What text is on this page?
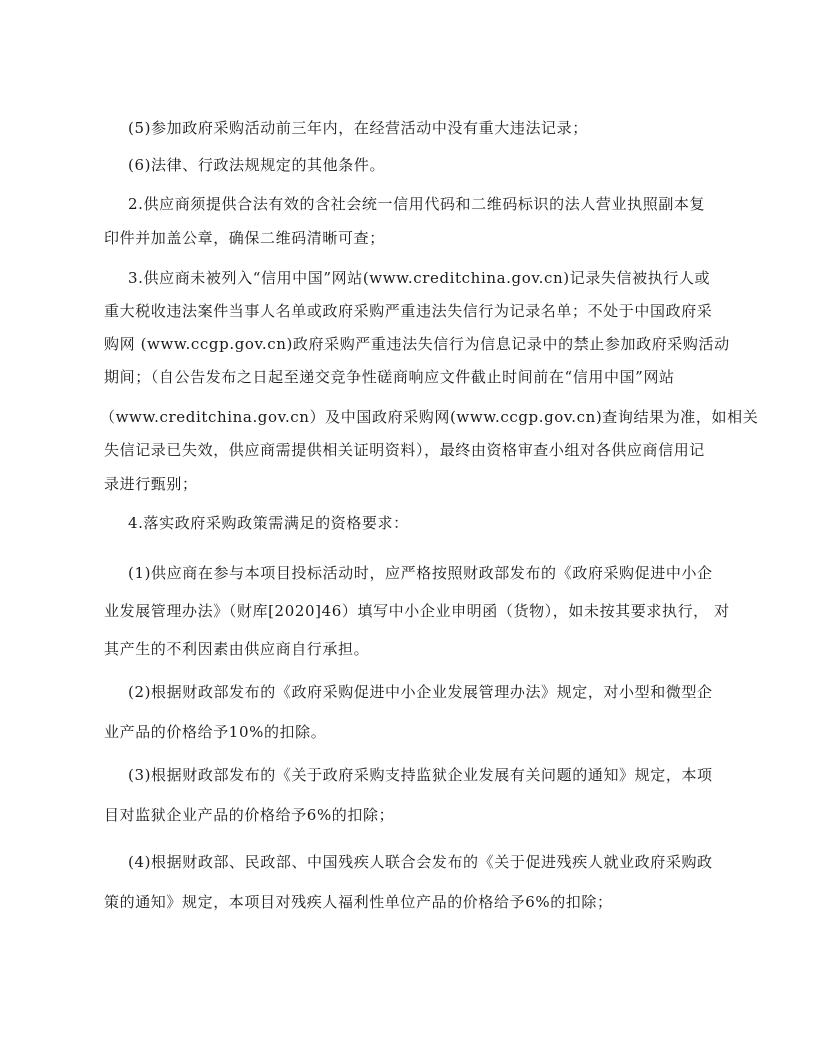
(5)参加政府采购活动前三年内，在经营活动中没有重大违法记录；
(6)法律、行政法规规定的其他条件。
2.供应商须提供合法有效的含社会统一信用代码和二维码标识的法人营业执照副本复
印件并加盖公章，确保二维码清晰可查；
3.供应商未被列入“信用中国”网站(www.creditchina.gov.cn)记录失信被执行人或
重大税收违法案件当事人名单或政府采购严重违法失信行为记录名单；不处于中国政府采
购网 (www.ccgp.gov.cn)政府采购严重违法失信行为信息记录中的禁止参加政府采购活动
期间；（自公告发布之日起至递交竞争性磋商响应文件截止时间前在“信用中国”网站
（www.creditchina.gov.cn）及中国政府采购网(www.ccgp.gov.cn)查询结果为准，如相关
失信记录已失效，供应商需提供相关证明资料），最终由资格审查小组对各供应商信用记
录进行甄别；
4.落实政府采购政策需满足的资格要求：
(1)供应商在参与本项目投标活动时，应严格按照财政部发布的《政府采购促进中小企
业发展管理办法》（财库[2020]46）填写中小企业申明函（货物），如未按其要求执行， 对
其产生的不利因素由供应商自行承担。
(2)根据财政部发布的《政府采购促进中小企业发展管理办法》规定，对小型和微型企
业产品的价格给予10%的扣除。
(3)根据财政部发布的《关于政府采购支持监狱企业发展有关问题的通知》规定，本项
目对监狱企业产品的价格给予6%的扣除；
(4)根据财政部、民政部、中国残疾人联合会发布的《关于促进残疾人就业政府采购政
策的通知》规定，本项目对残疾人福利性单位产品的价格给予6%的扣除；
